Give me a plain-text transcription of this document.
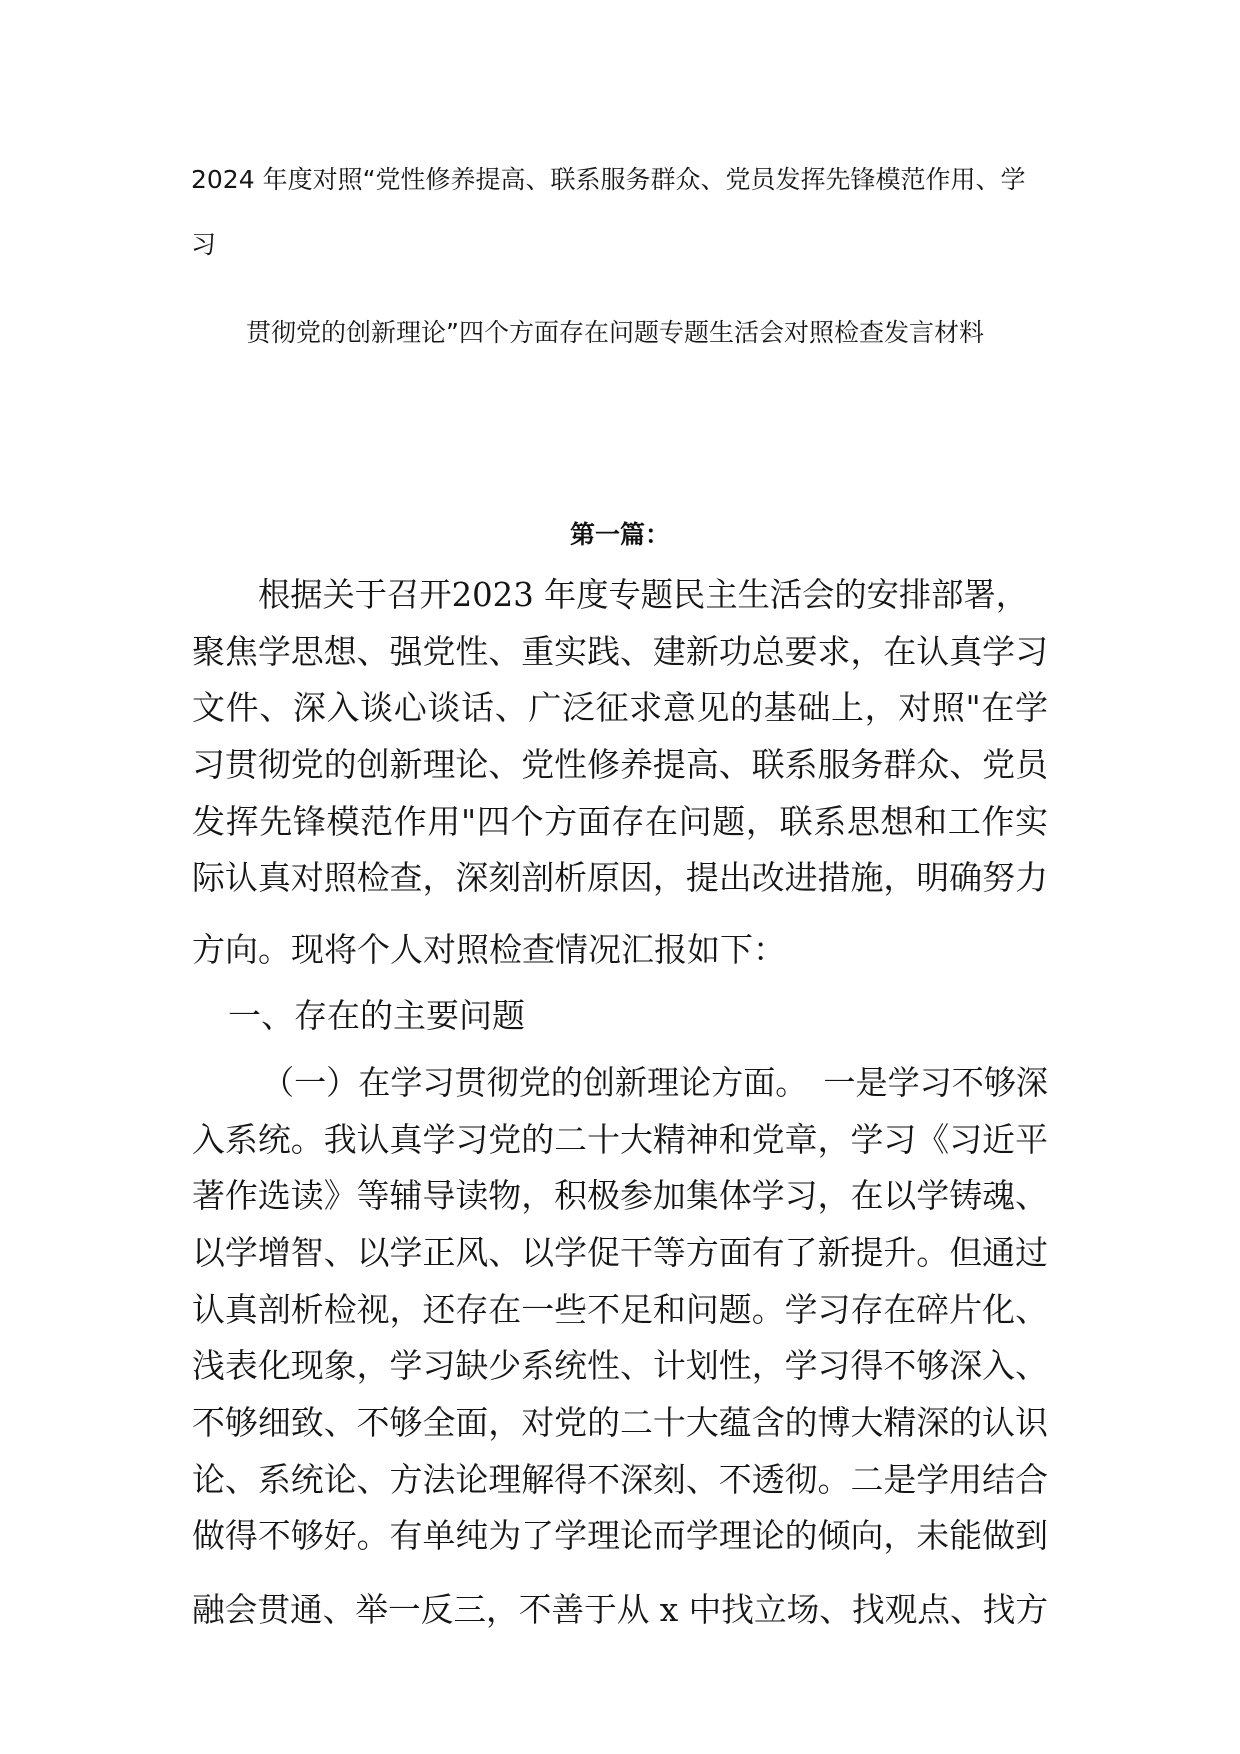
2024 年度对照“党性修养提高、联系服务群众、党员发挥先锋模范作用、学
习
贯彻党的创新理论”四个方面存在问题专题生活会对照检查发言材料
第一篇：
根据关于召开2023 年度专题民主生活会的安排部署，
聚焦学思想、强党性、重实践、建新功总要求，在认真学习
文件、深入谈心谈话、广泛征求意见的基础上，对照"在学
习贯彻党的创新理论、党性修养提高、联系服务群众、党员
发挥先锋模范作用"四个方面存在问题，联系思想和工作实
际认真对照检查，深刻剖析原因，提出改进措施，明确努力
方向。现将个人对照检查情况汇报如下：
一、存在的主要问题
（一）在学习贯彻党的创新理论方面。　一是学习不够深
入系统。我认真学习党的二十大精神和党章，学习《习近平
著作选读》等辅导读物，积极参加集体学习，在以学铸魂、
以学增智、以学正风、以学促干等方面有了新提升。但通过
认真剖析检视，还存在一些不足和问题。学习存在碎片化、
浅表化现象，学习缺少系统性、计划性，学习得不够深入、
不够细致、不够全面，对党的二十大蕴含的博大精深的认识
论、系统论、方法论理解得不深刻、不透彻。二是学用结合
做得不够好。有单纯为了学理论而学理论的倾向，未能做到
融会贯通、举一反三，不善于从 x 中找立场、找观点、找方
